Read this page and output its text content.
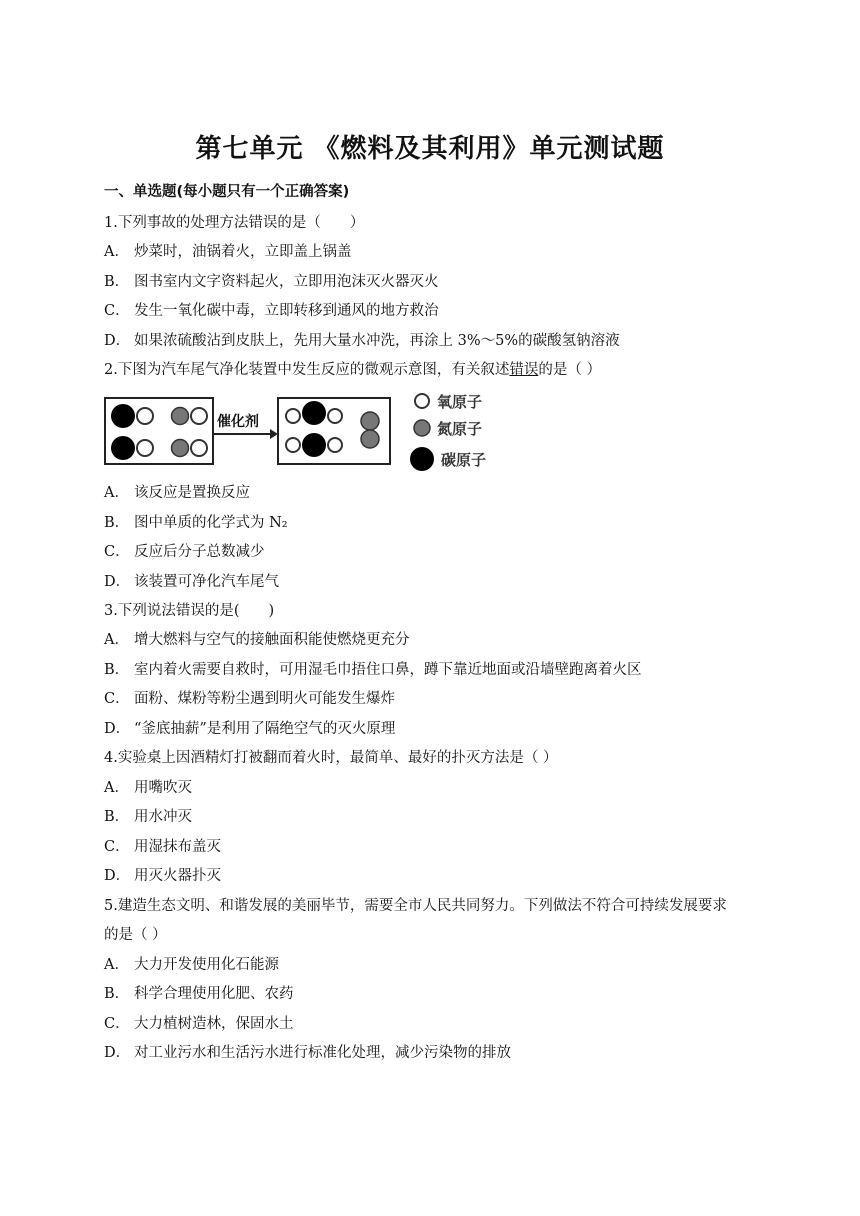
第七单元 《燃料及其利用》单元测试题
一、单选题(每小题只有一个正确答案)
1.下列事故的处理方法错误的是（　　）
A． 炒菜时，油锅着火，立即盖上锅盖
B． 图书室内文字资料起火，立即用泡沫灭火器灭火
C． 发生一氧化碳中毒，立即转移到通风的地方救治
D． 如果浓硫酸沾到皮肤上，先用大量水冲洗，再涂上 3%～5%的碳酸氢钠溶液
2.下图为汽车尾气净化装置中发生反应的微观示意图，有关叙述错误的是（ ）
催化剂
氧原子
氮原子
碳原子
A． 该反应是置换反应
B． 图中单质的化学式为 N₂
C． 反应后分子总数减少
D． 该装置可净化汽车尾气
3.下列说法错误的是(　　)
A． 增大燃料与空气的接触面积能使燃烧更充分
B． 室内着火需要自救时，可用湿毛巾捂住口鼻，蹲下靠近地面或沿墙壁跑离着火区
C． 面粉、煤粉等粉尘遇到明火可能发生爆炸
D． “釜底抽薪”是利用了隔绝空气的灭火原理
4.实验桌上因酒精灯打被翻而着火时，最简单、最好的扑灭方法是（ ）
A． 用嘴吹灭
B． 用水冲灭
C． 用湿抹布盖灭
D． 用灭火器扑灭
5.建造生态文明、和谐发展的美丽毕节，需要全市人民共同努力。下列做法不符合可持续发展要求
的是（ ）
A． 大力开发使用化石能源
B． 科学合理使用化肥、农药
C． 大力植树造林，保固水土
D． 对工业污水和生活污水进行标准化处理，减少污染物的排放
